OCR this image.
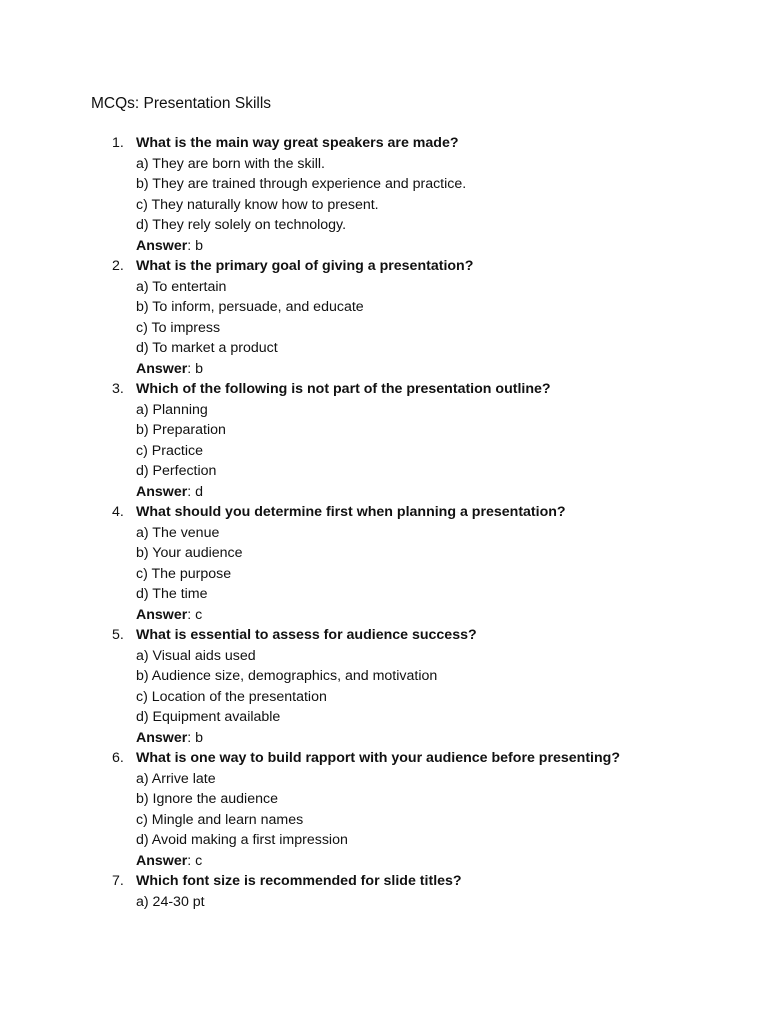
MCQs: Presentation Skills
1. What is the main way great speakers are made?
a) They are born with the skill.
b) They are trained through experience and practice.
c) They naturally know how to present.
d) They rely solely on technology.
Answer: b
2. What is the primary goal of giving a presentation?
a) To entertain
b) To inform, persuade, and educate
c) To impress
d) To market a product
Answer: b
3. Which of the following is not part of the presentation outline?
a) Planning
b) Preparation
c) Practice
d) Perfection
Answer: d
4. What should you determine first when planning a presentation?
a) The venue
b) Your audience
c) The purpose
d) The time
Answer: c
5. What is essential to assess for audience success?
a) Visual aids used
b) Audience size, demographics, and motivation
c) Location of the presentation
d) Equipment available
Answer: b
6. What is one way to build rapport with your audience before presenting?
a) Arrive late
b) Ignore the audience
c) Mingle and learn names
d) Avoid making a first impression
Answer: c
7. Which font size is recommended for slide titles?
a) 24-30 pt
